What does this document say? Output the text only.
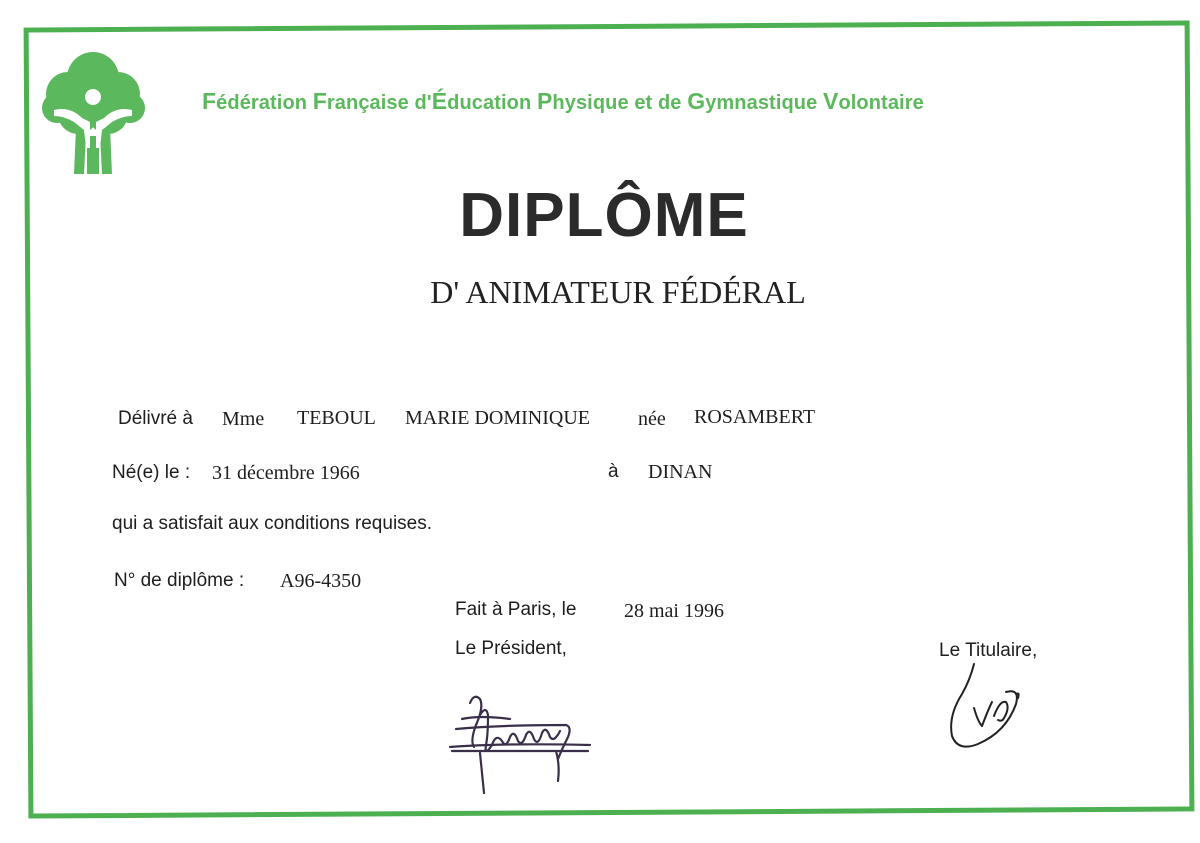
Fédération Française d'Éducation Physique et de Gymnastique Volontaire
DIPLÔME
D' ANIMATEUR FÉDÉRAL
Délivré à Mme TEBOUL MARIE DOMINIQUE née ROSAMBERT
Né(e) le : 31 décembre 1966	à DINAN
qui a satisfait aux conditions requises.
N° de diplôme : A96-4350
Fait à Paris, le 28 mai 1996
Le Président,	Le Titulaire,
